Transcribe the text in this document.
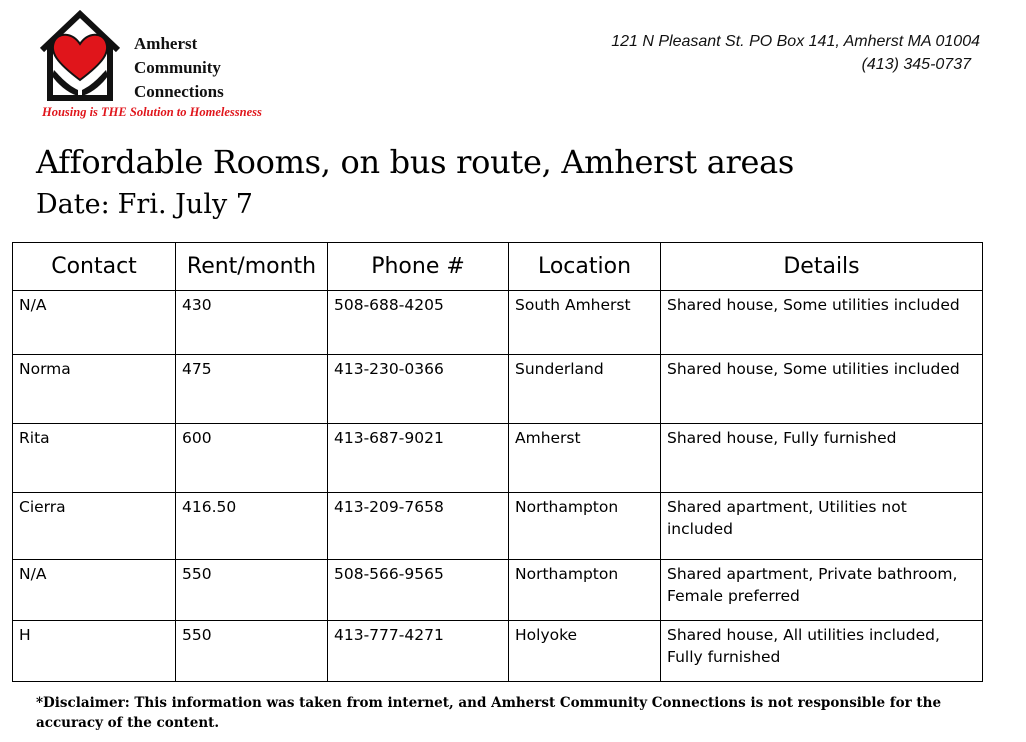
Amherst
Community
Connections
Housing is THE Solution to Homelessness
121 N Pleasant St. PO Box 141, Amherst MA 01004
(413) 345-0737
Affordable Rooms, on bus route, Amherst areas
Date: Fri. July 7
Contact	Rent/month	Phone #	Location	Details
N/A	430	508-688-4205	South Amherst	Shared house, Some utilities included
Norma	475	413-230-0366	Sunderland	Shared house, Some utilities included
Rita	600	413-687-9021	Amherst	Shared house, Fully furnished
Cierra	416.50	413-209-7658	Northampton	Shared apartment, Utilities not included
N/A	550	508-566-9565	Northampton	Shared apartment, Private bathroom, Female preferred
H	550	413-777-4271	Holyoke	Shared house, All utilities included, Fully furnished
*Disclaimer: This information was taken from internet, and Amherst Community Connections is not responsible for the accuracy of the content.
